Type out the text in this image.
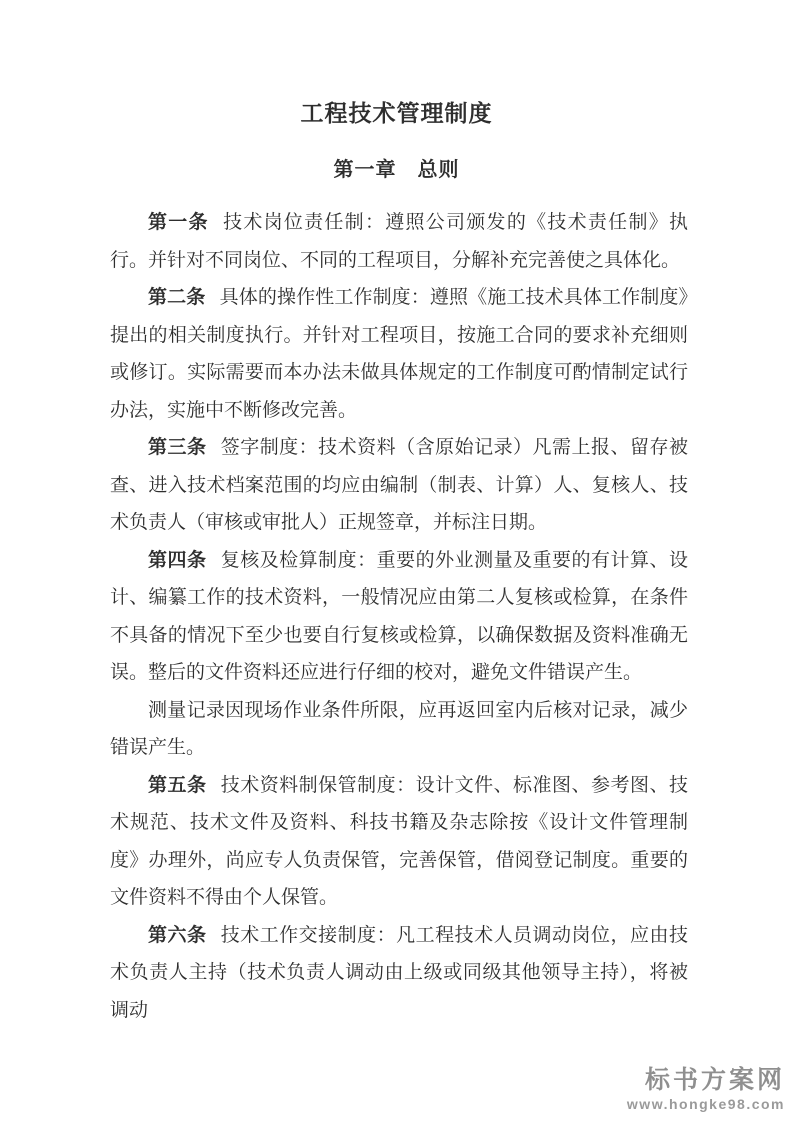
工程技术管理制度
第一章　总则

第一条 技术岗位责任制：遵照公司颁发的《技术责任制》执行。并针对不同岗位、不同的工程项目，分解补充完善使之具体化。

第二条 具体的操作性工作制度：遵照《施工技术具体工作制度》提出的相关制度执行。并针对工程项目，按施工合同的要求补充细则或修订。实际需要而本办法未做具体规定的工作制度可酌情制定试行办法，实施中不断修改完善。

第三条 签字制度：技术资料（含原始记录）凡需上报、留存被查、进入技术档案范围的均应由编制（制表、计算）人、复核人、技术负责人（审核或审批人）正规签章，并标注日期。

第四条 复核及检算制度：重要的外业测量及重要的有计算、设计、编纂工作的技术资料，一般情况应由第二人复核或检算，在条件不具备的情况下至少也要自行复核或检算，以确保数据及资料准确无误。整后的文件资料还应进行仔细的校对，避免文件错误产生。

测量记录因现场作业条件所限，应再返回室内后核对记录，减少错误产生。

第五条 技术资料制保管制度：设计文件、标准图、参考图、技术规范、技术文件及资料、科技书籍及杂志除按《设计文件管理制度》办理外，尚应专人负责保管，完善保管，借阅登记制度。重要的文件资料不得由个人保管。

第六条 技术工作交接制度：凡工程技术人员调动岗位，应由技术负责人主持（技术负责人调动由上级或同级其他领导主持），将被调动

标书方案网
www.hongke98.com
